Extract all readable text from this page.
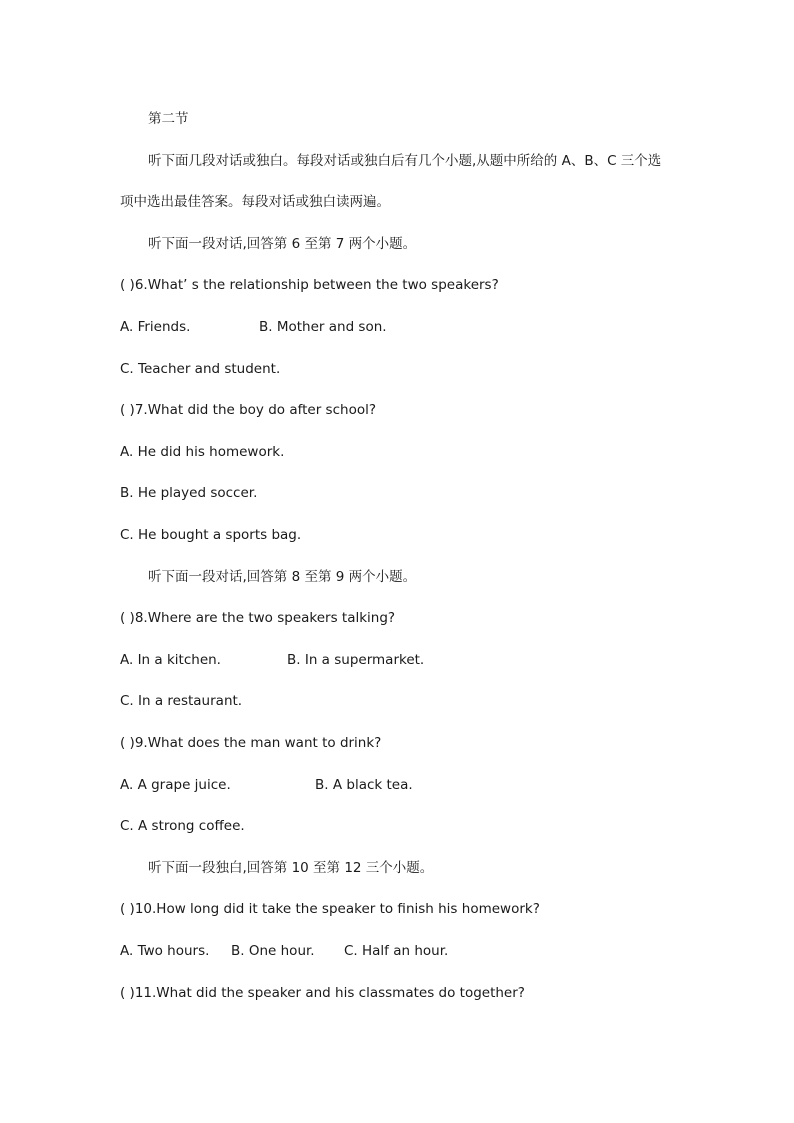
第二节
听下面几段对话或独白。每段对话或独白后有几个小题,从题中所给的 A、B、C 三个选
项中选出最佳答案。每段对话或独白读两遍。
听下面一段对话,回答第 6 至第 7 两个小题。
( )6.What’ s the relationship between the two speakers?
A. Friends.	B. Mother and son.
C. Teacher and student.
( )7.What did the boy do after school?
A. He did his homework.
B. He played soccer.
C. He bought a sports bag.
听下面一段对话,回答第 8 至第 9 两个小题。
( )8.Where are the two speakers talking?
A. In a kitchen.	B. In a supermarket.
C. In a restaurant.
( )9.What does the man want to drink?
A. A grape juice.	B. A black tea.
C. A strong coffee.
听下面一段独白,回答第 10 至第 12 三个小题。
( )10.How long did it take the speaker to finish his homework?
A. Two hours. B. One hour. C. Half an hour.
( )11.What did the speaker and his classmates do together?
